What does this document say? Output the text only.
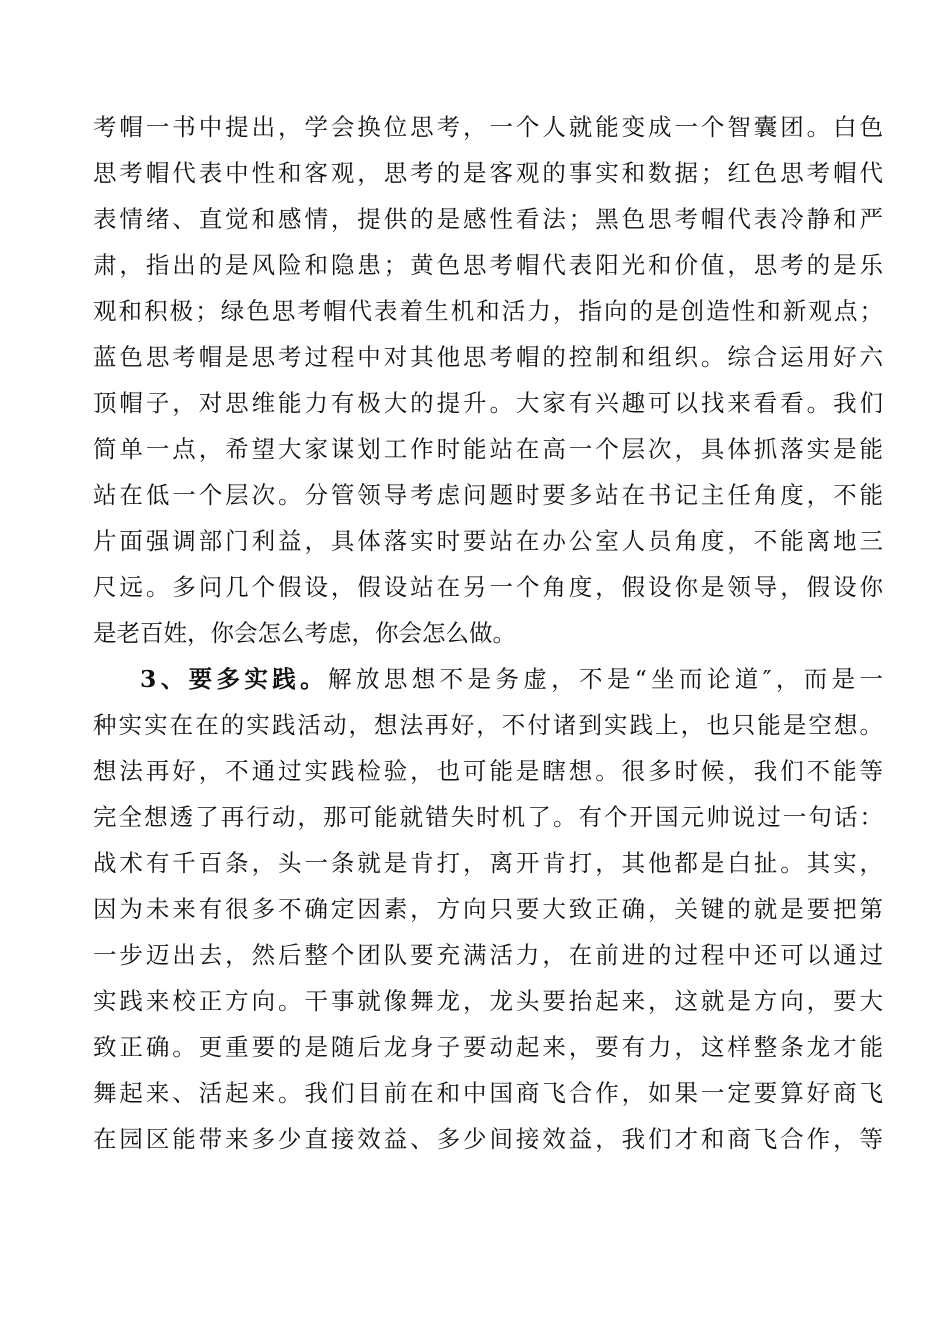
考帽一书中提出，学会换位思考，一个人就能变成一个智囊团。白色
思考帽代表中性和客观，思考的是客观的事实和数据；红色思考帽代
表情绪、直觉和感情，提供的是感性看法；黑色思考帽代表冷静和严
肃，指出的是风险和隐患；黄色思考帽代表阳光和价值，思考的是乐
观和积极；绿色思考帽代表着生机和活力，指向的是创造性和新观点；
蓝色思考帽是思考过程中对其他思考帽的控制和组织。综合运用好六
顶帽子，对思维能力有极大的提升。大家有兴趣可以找来看看。我们
简单一点，希望大家谋划工作时能站在高一个层次，具体抓落实是能
站在低一个层次。分管领导考虑问题时要多站在书记主任角度，不能
片面强调部门利益，具体落实时要站在办公室人员角度，不能离地三
尺远。多问几个假设，假设站在另一个角度，假设你是领导，假设你
是老百姓，你会怎么考虑，你会怎么做。
3、要多实践。解放思想不是务虚，不是“坐而论道″，而是一
种实实在在的实践活动，想法再好，不付诸到实践上，也只能是空想。
想法再好，不通过实践检验，也可能是瞎想。很多时候，我们不能等
完全想透了再行动，那可能就错失时机了。有个开国元帅说过一句话：
战术有千百条，头一条就是肯打，离开肯打，其他都是白扯。其实，
因为未来有很多不确定因素，方向只要大致正确，关键的就是要把第
一步迈出去，然后整个团队要充满活力，在前进的过程中还可以通过
实践来校正方向。干事就像舞龙，龙头要抬起来，这就是方向，要大
致正确。更重要的是随后龙身子要动起来，要有力，这样整条龙才能
舞起来、活起来。我们目前在和中国商飞合作，如果一定要算好商飞
在园区能带来多少直接效益、多少间接效益，我们才和商飞合作，等
